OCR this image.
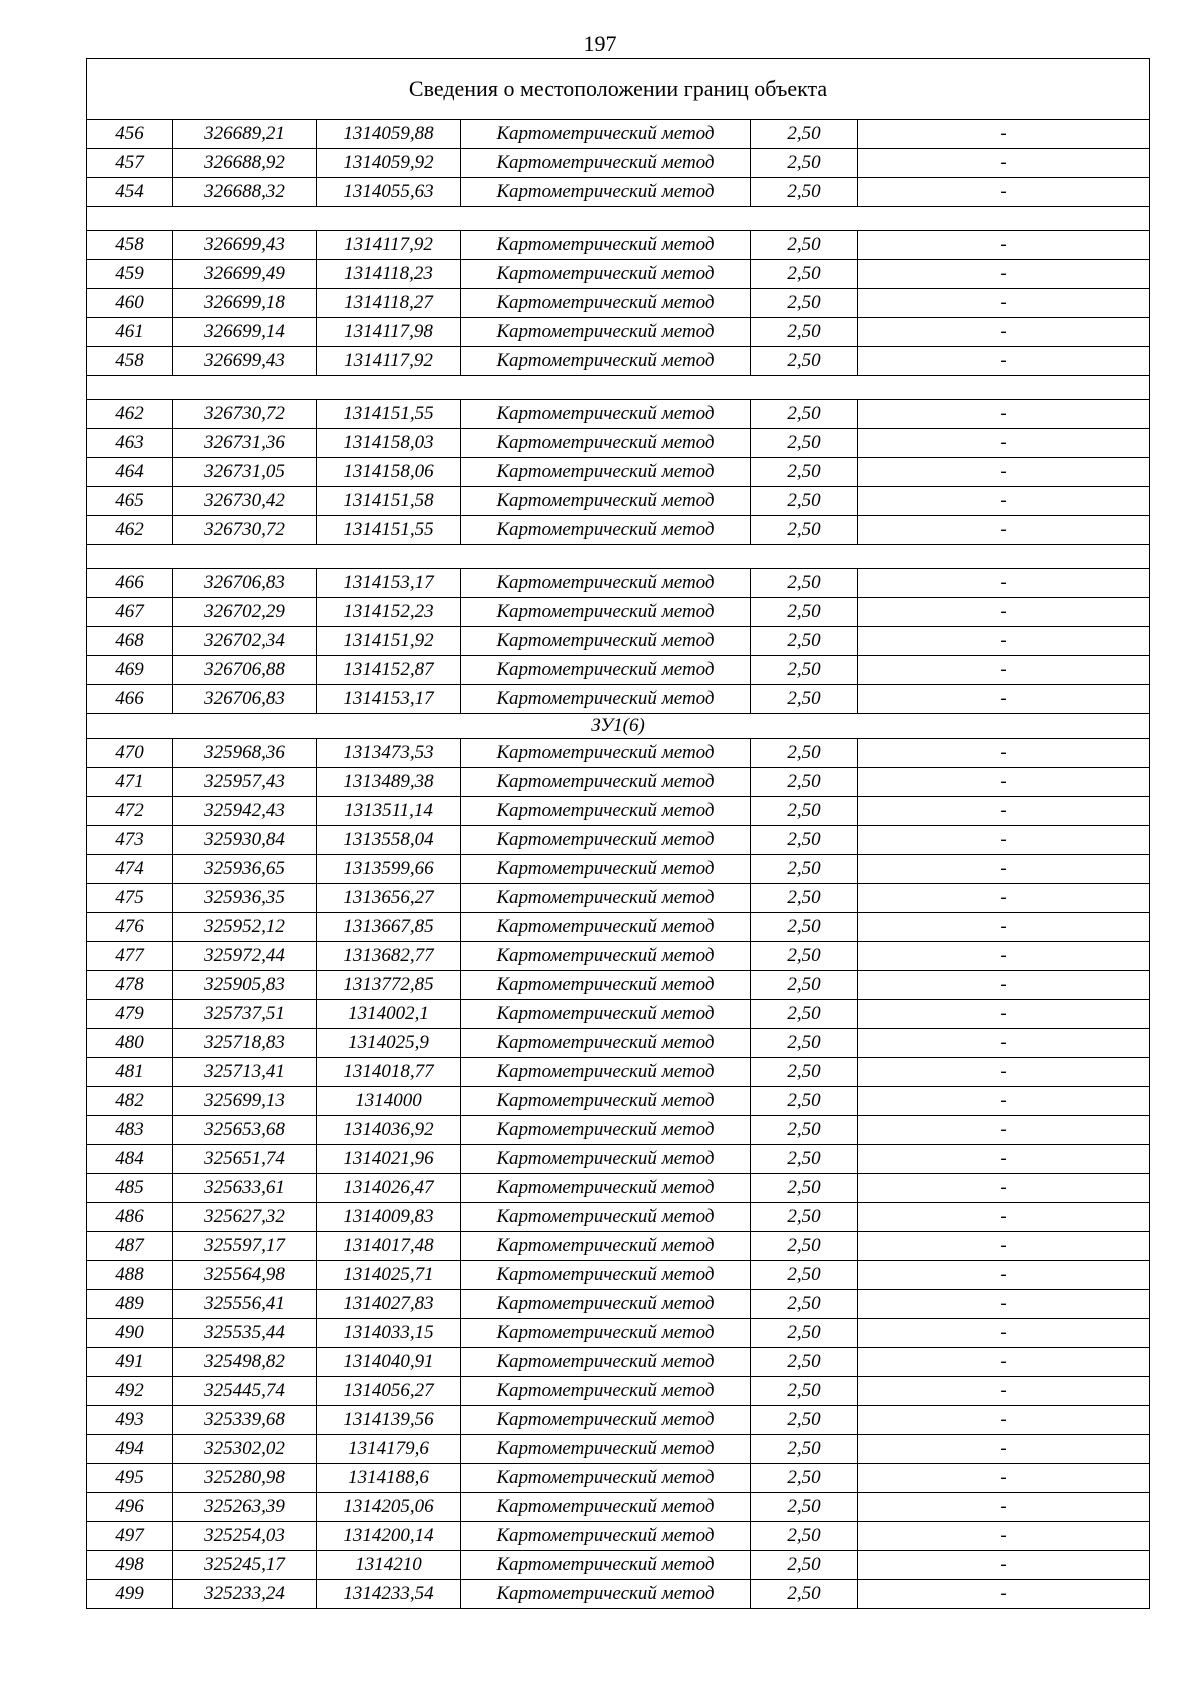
197
Сведения о местоположении границ объекта					
456	326689,21	1314059,88	Картометрический метод	2,50	-
457	326688,92	1314059,92	Картометрический метод	2,50	-
454	326688,32	1314055,63	Картометрический метод	2,50	-

458	326699,43	1314117,92	Картометрический метод	2,50	-
459	326699,49	1314118,23	Картометрический метод	2,50	-
460	326699,18	1314118,27	Картометрический метод	2,50	-
461	326699,14	1314117,98	Картометрический метод	2,50	-
458	326699,43	1314117,92	Картометрический метод	2,50	-

462	326730,72	1314151,55	Картометрический метод	2,50	-
463	326731,36	1314158,03	Картометрический метод	2,50	-
464	326731,05	1314158,06	Картометрический метод	2,50	-
465	326730,42	1314151,58	Картометрический метод	2,50	-
462	326730,72	1314151,55	Картометрический метод	2,50	-

466	326706,83	1314153,17	Картометрический метод	2,50	-
467	326702,29	1314152,23	Картометрический метод	2,50	-
468	326702,34	1314151,92	Картометрический метод	2,50	-
469	326706,88	1314152,87	Картометрический метод	2,50	-
466	326706,83	1314153,17	Картометрический метод	2,50	-
ЗУ1(6)					
470	325968,36	1313473,53	Картометрический метод	2,50	-
471	325957,43	1313489,38	Картометрический метод	2,50	-
472	325942,43	1313511,14	Картометрический метод	2,50	-
473	325930,84	1313558,04	Картометрический метод	2,50	-
474	325936,65	1313599,66	Картометрический метод	2,50	-
475	325936,35	1313656,27	Картометрический метод	2,50	-
476	325952,12	1313667,85	Картометрический метод	2,50	-
477	325972,44	1313682,77	Картометрический метод	2,50	-
478	325905,83	1313772,85	Картометрический метод	2,50	-
479	325737,51	1314002,1	Картометрический метод	2,50	-
480	325718,83	1314025,9	Картометрический метод	2,50	-
481	325713,41	1314018,77	Картометрический метод	2,50	-
482	325699,13	1314000	Картометрический метод	2,50	-
483	325653,68	1314036,92	Картометрический метод	2,50	-
484	325651,74	1314021,96	Картометрический метод	2,50	-
485	325633,61	1314026,47	Картометрический метод	2,50	-
486	325627,32	1314009,83	Картометрический метод	2,50	-
487	325597,17	1314017,48	Картометрический метод	2,50	-
488	325564,98	1314025,71	Картометрический метод	2,50	-
489	325556,41	1314027,83	Картометрический метод	2,50	-
490	325535,44	1314033,15	Картометрический метод	2,50	-
491	325498,82	1314040,91	Картометрический метод	2,50	-
492	325445,74	1314056,27	Картометрический метод	2,50	-
493	325339,68	1314139,56	Картометрический метод	2,50	-
494	325302,02	1314179,6	Картометрический метод	2,50	-
495	325280,98	1314188,6	Картометрический метод	2,50	-
496	325263,39	1314205,06	Картометрический метод	2,50	-
497	325254,03	1314200,14	Картометрический метод	2,50	-
498	325245,17	1314210	Картометрический метод	2,50	-
499	325233,24	1314233,54	Картометрический метод	2,50	-
